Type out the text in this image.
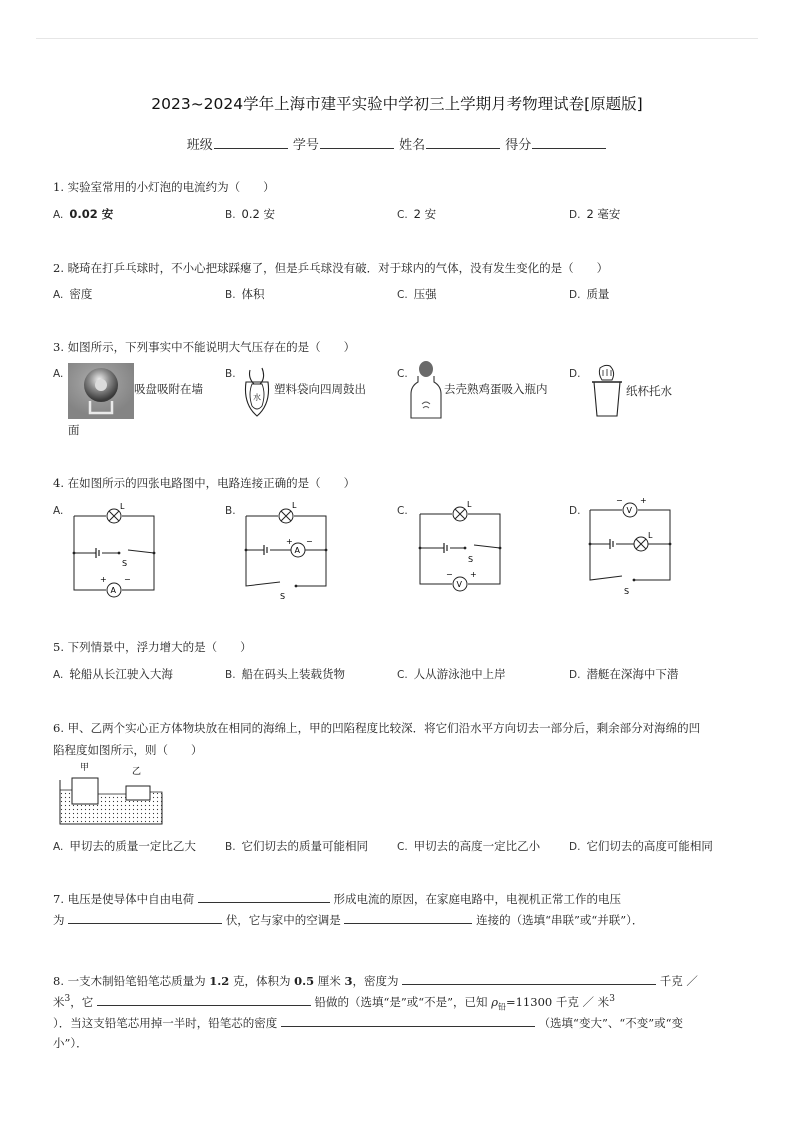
2023~2024学年上海市建平实验中学初三上学期月考物理试卷[原题版]
班级	学号	姓名	得分
1. 实验室常用的小灯泡的电流约为（　　）
A. 0.02 安	B. 0.2 安	C. 2 安	D. 2 毫安
2. 晓琦在打乒乓球时，不小心把球踩瘪了，但是乒乓球没有破．对于球内的气体，没有发生变化的是（　　）
A. 密度	B. 体积	C. 压强	D. 质量
3. 如图所示，下列事实中不能说明大气压存在的是（　　）
A.	B.	C.	D.
吸盘吸附在墙
面
水
塑料袋向四周鼓出	去壳熟鸡蛋吸入瓶内	纸杯托水
4. 在如图所示的四张电路图中，电路连接正确的是（　　）
A.	B.	C.	D.
L
S
A
+ −
L
A
+ −
S
L
S
V
− +
V
− +
L
S
5. 下列情景中，浮力增大的是（　　）
A. 轮船从长江驶入大海	B. 船在码头上装载货物	C. 人从游泳池中上岸	D. 潜艇在深海中下潜
6. 甲、乙两个实心正方体物块放在相同的海绵上，甲的凹陷程度比较深．将它们沿水平方向切去一部分后，剩余部分对海绵的凹
陷程度如图所示，则（　　）
甲	乙
A. 甲切去的质量一定比乙大	B. 它们切去的质量可能相同	C. 甲切去的高度一定比乙小	D. 它们切去的高度可能相同
7. 电压是使导体中自由电荷	形成电流的原因，在家庭电路中，电视机正常工作的电压
为	伏，它与家中的空调是	连接的（选填“串联”或“并联”）．
8. 一支木制铅笔铅笔芯质量为 1.2 克，体积为 0.5 厘米 3，密度为	千克 ／
米$^3$，它	铅做的（选填“是”或“不是”，已知 $\rho_铅=11300$ 千克 ／ 米$^3$
）．当这支铅笔芯用掉一半时，铅笔芯的密度	（选填“变大”、“不变”或“变
小”）．
